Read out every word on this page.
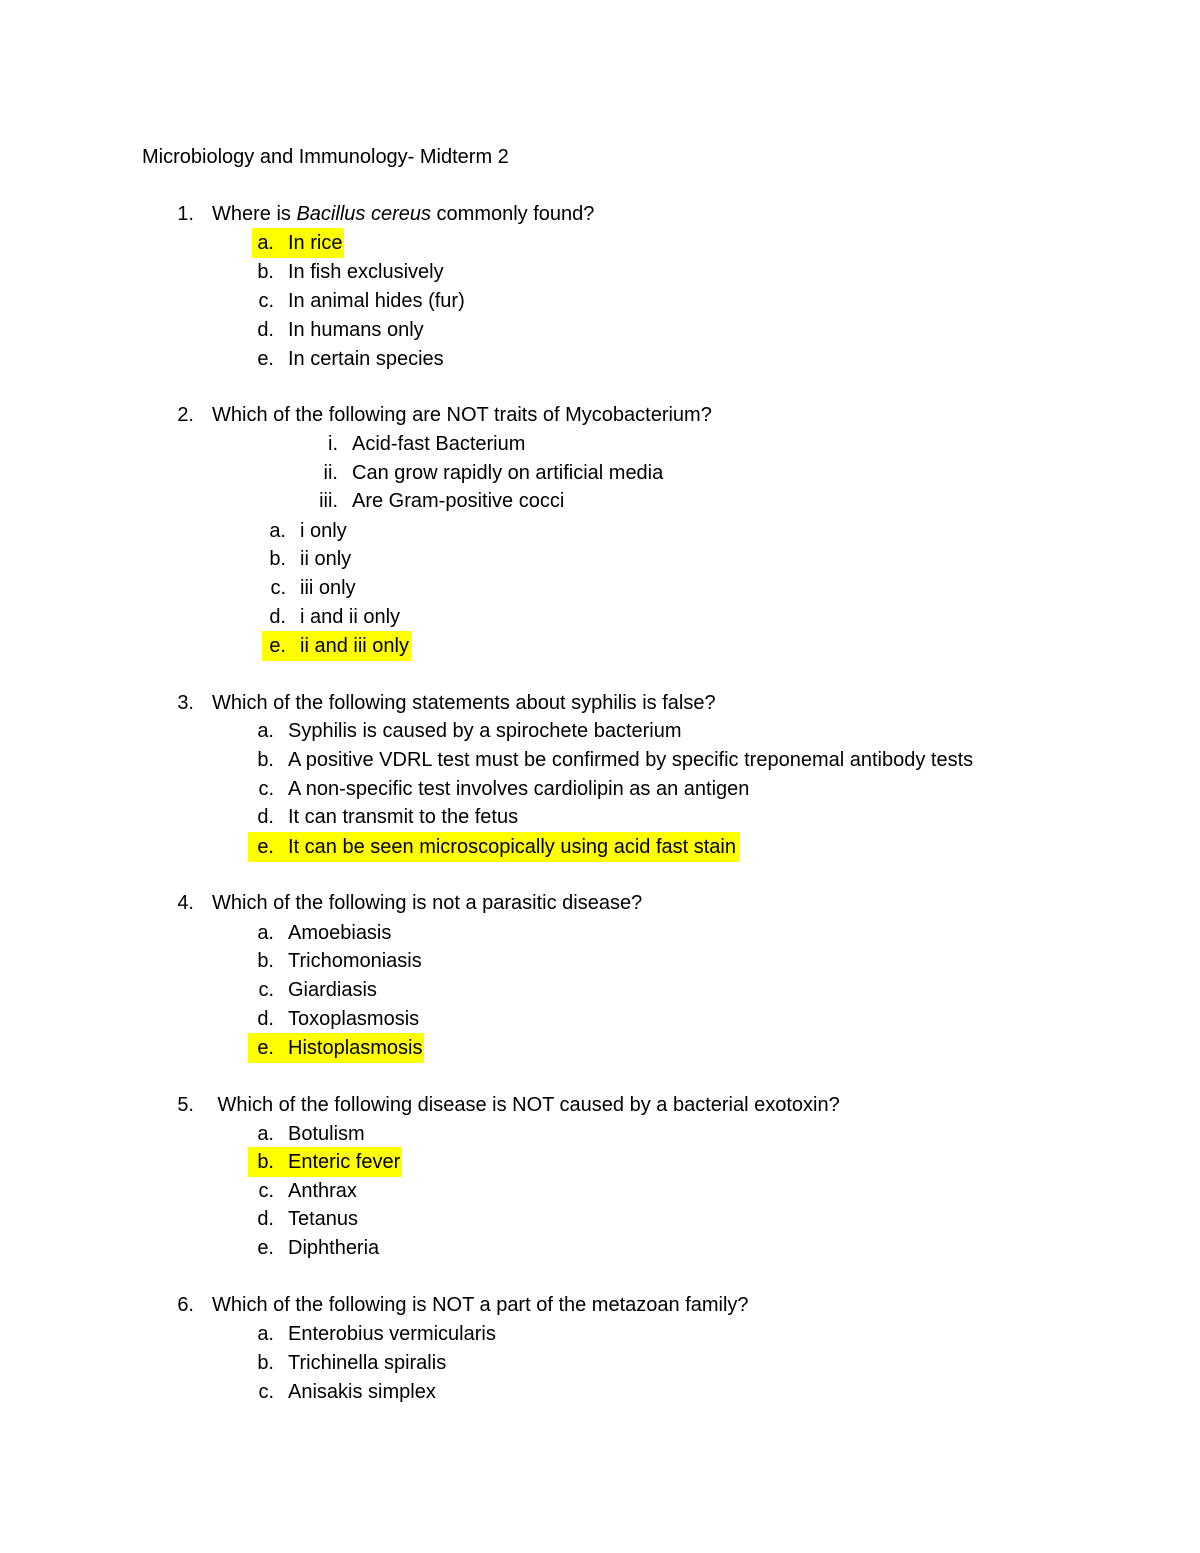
Microbiology and Immunology- Midterm 2
1. Where is Bacillus cereus commonly found?
a. In rice
b. In fish exclusively
c. In animal hides (fur)
d. In humans only
e. In certain species
2. Which of the following are NOT traits of Mycobacterium?
i. Acid-fast Bacterium
ii. Can grow rapidly on artificial media
iii. Are Gram-positive cocci
a. i only
b. ii only
c. iii only
d. i and ii only
e. ii and iii only
3. Which of the following statements about syphilis is false?
a. Syphilis is caused by a spirochete bacterium
b. A positive VDRL test must be confirmed by specific treponemal antibody tests
c. A non-specific test involves cardiolipin as an antigen
d. It can transmit to the fetus
e. It can be seen microscopically using acid fast stain
4. Which of the following is not a parasitic disease?
a. Amoebiasis
b. Trichomoniasis
c. Giardiasis
d. Toxoplasmosis
e. Histoplasmosis
5. Which of the following disease is NOT caused by a bacterial exotoxin?
a. Botulism
b. Enteric fever
c. Anthrax
d. Tetanus
e. Diphtheria
6. Which of the following is NOT a part of the metazoan family?
a. Enterobius vermicularis
b. Trichinella spiralis
c. Anisakis simplex
